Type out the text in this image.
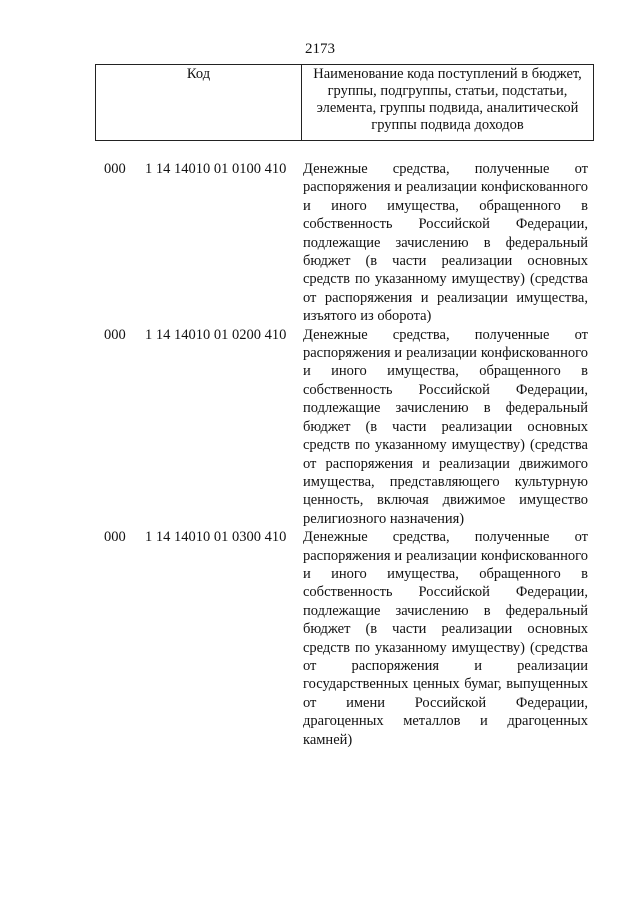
2173
Код	Наименование кода поступлений в бюджет, группы, подгруппы, статьи, подстатьи, элемента, группы подвида, аналитической группы подвида доходов
000 1 14 14010 01 0100 410 Денежные средства, полученные от распоряжения и реализации конфискованного и иного имущества, обращенного в собственность Российской Федерации, подлежащие зачислению в федеральный бюджет (в части реализации основных средств по указанному имуществу) (средства от распоряжения и реализации имущества, изъятого из оборота)
000 1 14 14010 01 0200 410 Денежные средства, полученные от распоряжения и реализации конфискованного и иного имущества, обращенного в собственность Российской Федерации, подлежащие зачислению в федеральный бюджет (в части реализации основных средств по указанному имуществу) (средства от распоряжения и реализации движимого имущества, представляющего культурную ценность, включая движимое имущество религиозного назначения)
000 1 14 14010 01 0300 410 Денежные средства, полученные от распоряжения и реализации конфискованного и иного имущества, обращенного в собственность Российской Федерации, подлежащие зачислению в федеральный бюджет (в части реализации основных средств по указанному имуществу) (средства от распоряжения и реализации государственных ценных бумаг, выпущенных от имени Российской Федерации, драгоценных металлов и драгоценных камней)
